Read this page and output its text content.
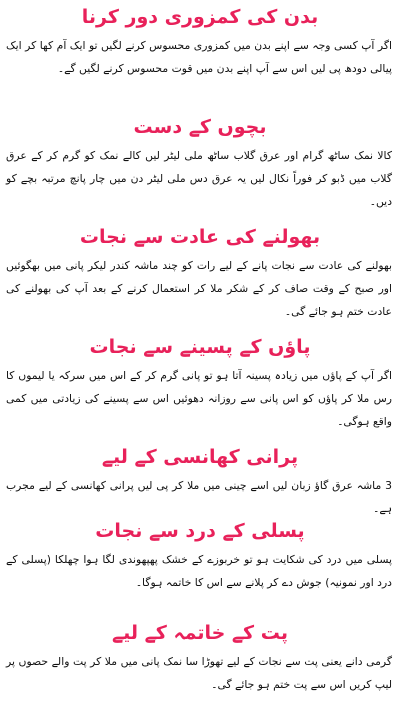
بدن کی کمزوری دور کرنا

اگر آپ کسی وجہ سے اپنے بدن میں کمزوری محسوس کرنے لگیں تو ایک آم کھا کر ایک پیالی دودھ پی لیں اس سے آپ اپنے بدن میں قوت محسوس کرنے لگیں گے۔

بچوں کے دست

کالا نمک ساٹھ گرام اور عرق گلاب ساٹھ ملی لیٹر لیں کالے نمک کو گرم کر کے عرق گلاب میں ڈبو کر فوراً نکال لیں یہ عرق دس ملی لیٹر دن میں چار پانچ مرتبہ بچے کو دیں۔

بھولنے کی عادت سے نجات

بھولنے کی عادت سے نجات پانے کے لیے رات کو چند ماشہ کندر لیکر پانی میں بھگوئیں اور صبح کے وقت صاف کر کے شکر ملا کر استعمال کرنے کے بعد آپ کی بھولنے کی عادت ختم ہو جائے گی۔

پاؤں کے پسینے سے نجات

اگر آپ کے پاؤں میں زیادہ پسینہ آتا ہو تو پانی گرم کر کے اس میں سرکہ یا لیموں کا رس ملا کر پاؤں کو اس پانی سے روزانہ دھوئیں اس سے پسینے کی زیادتی میں کمی واقع ہوگی۔

پرانی کھانسی کے لیے

3 ماشہ عرق گاؤ زبان لیں اسے چینی میں ملا کر پی لیں پرانی کھانسی کے لیے مجرب ہے۔

پسلی کے درد سے نجات

پسلی میں درد کی شکایت ہو تو خربوزے کے خشک پھپھوندی لگا ہوا چھلکا (پسلی کے درد اور نمونیہ) جوش دے کر پلانے سے اس کا خاتمہ ہوگا۔

پت کے خاتمہ کے لیے

گرمی دانے یعنی پت سے نجات کے لیے تھوڑا سا نمک پانی میں ملا کر پت والے حصوں پر لیپ کریں اس سے پت ختم ہو جائے گی۔
